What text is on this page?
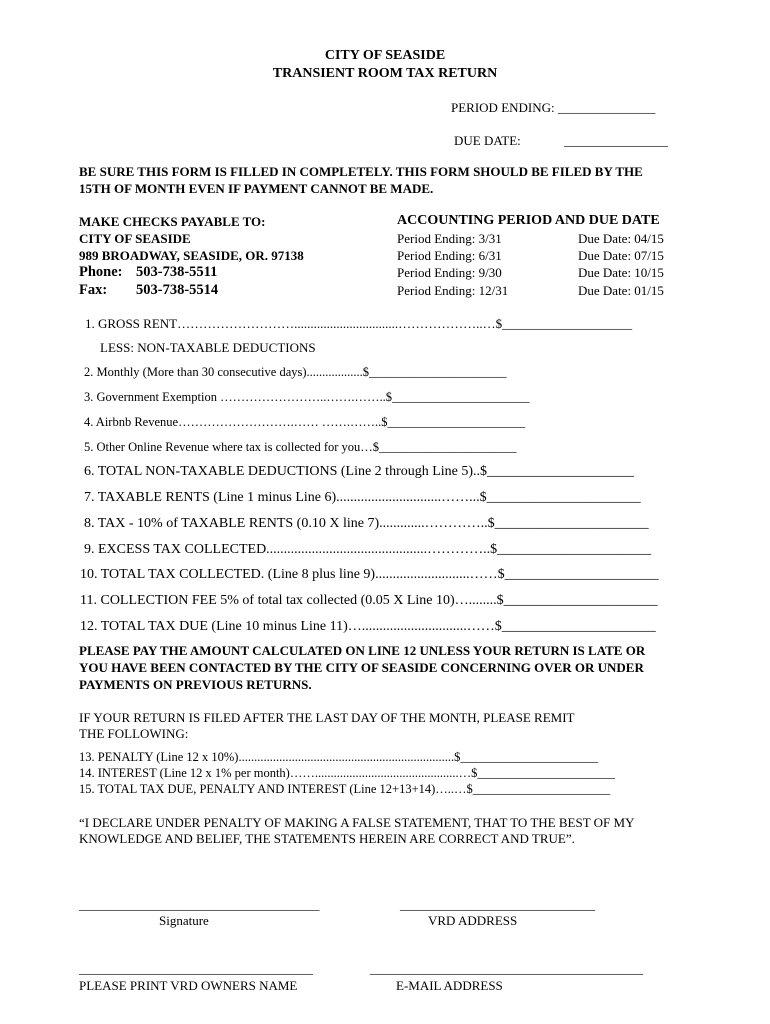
CITY OF SEASIDE
TRANSIENT ROOM TAX RETURN
PERIOD ENDING: _______________
DUE DATE:	________________
BE SURE THIS FORM IS FILLED IN COMPLETELY. THIS FORM SHOULD BE FILED BY THE
15TH OF MONTH EVEN IF PAYMENT CANNOT BE MADE.
MAKE CHECKS PAYABLE TO:
CITY OF SEASIDE
989 BROADWAY, SEASIDE, OR. 97138
Phone: 503-738-5511
Fax: 503-738-5514
ACCOUNTING PERIOD AND DUE DATE
Period Ending: 3/31	Due Date: 04/15
Period Ending: 6/31	Due Date: 07/15
Period Ending: 9/30	Due Date: 10/15
Period Ending: 12/31	Due Date: 01/15
1. GROSS RENT………………………................................………………..…$____________________
LESS: NON-TAXABLE DEDUCTIONS
2. Monthly (More than 30 consecutive days)..................$______________________
3. Government Exemption ……………………..…….……..$______________________
4. Airbnb Revenue……………………….…… …….……..$______________________
5. Other Online Revenue where tax is collected for you…$______________________
6. TOTAL NON-TAXABLE DEDUCTIONS (Line 2 through Line 5)..$_____________________
7. TAXABLE RENTS (Line 1 minus Line 6)..............................……...$______________________
8. TAX - 10% of TAXABLE RENTS (0.10 X line 7).............…………..$______________________
9. EXCESS TAX COLLECTED..............................................…………..$______________________
10. TOTAL TAX COLLECTED. (Line 8 plus line 9)...........................……$______________________
11. COLLECTION FEE 5% of total tax collected (0.05 X Line 10)…........$______________________
12. TOTAL TAX DUE (Line 10 minus Line 11)…..............................……$______________________
PLEASE PAY THE AMOUNT CALCULATED ON LINE 12 UNLESS YOUR RETURN IS LATE OR
YOU HAVE BEEN CONTACTED BY THE CITY OF SEASIDE CONCERNING OVER OR UNDER
PAYMENTS ON PREVIOUS RETURNS.
IF YOUR RETURN IS FILED AFTER THE LAST DAY OF THE MONTH, PLEASE REMIT
THE FOLLOWING:
13. PENALTY (Line 12 x 10%).....................................................................$______________________
14. INTEREST (Line 12 x 1% per month)……..............................................…$______________________
15. TOTAL TAX DUE, PENALTY AND INTEREST (Line 12+13+14)…..…$______________________
“I DECLARE UNDER PENALTY OF MAKING A FALSE STATEMENT, THAT TO THE BEST OF MY
KNOWLEDGE AND BELIEF, THE STATEMENTS HEREIN ARE CORRECT AND TRUE”.
_____________________________________
Signature
______________________________
VRD ADDRESS
____________________________________
PLEASE PRINT VRD OWNERS NAME
__________________________________________
E-MAIL ADDRESS
